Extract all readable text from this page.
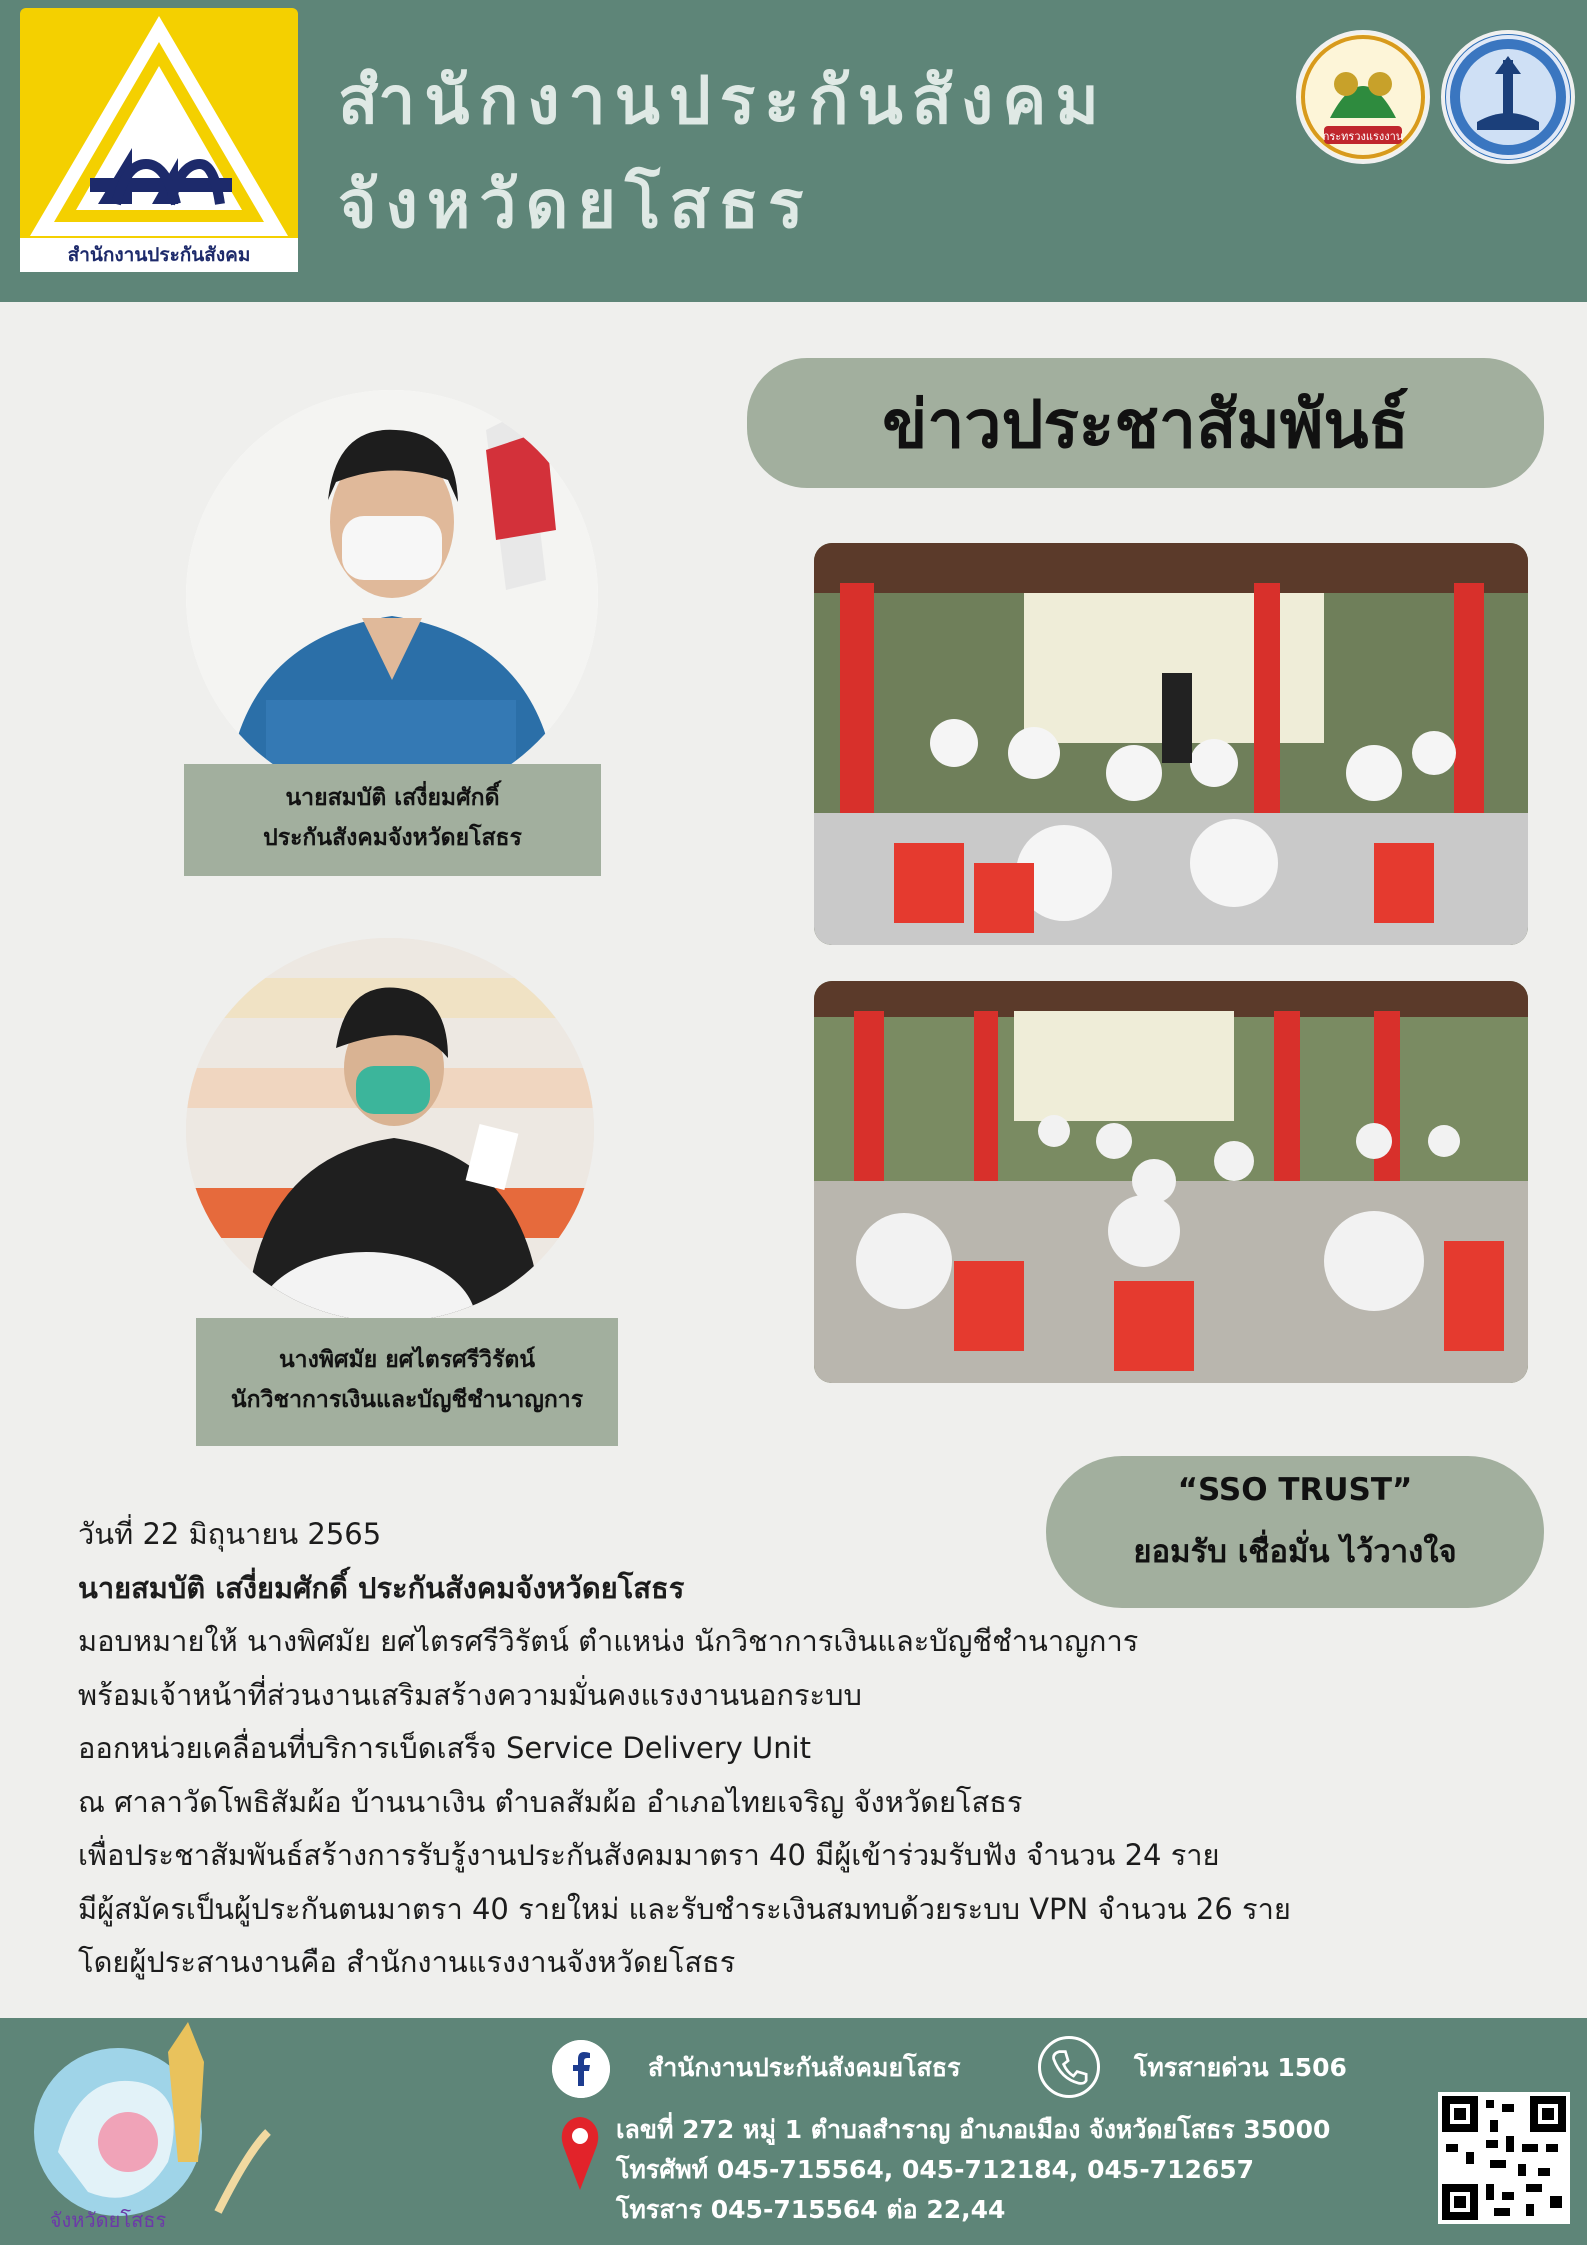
สำนักงานประกันสังคม
สำนักงานประกันสังคม
จังหวัดยโสธร
กระทรวงแรงงาน
ข่าวประชาสัมพันธ์
นายสมบัติ เสงี่ยมศักดิ์
ประกันสังคมจังหวัดยโสธร
นางพิศมัย ยศไตรศรีวิรัตน์
นักวิชาการเงินและบัญชีชำนาญการ
“SSO TRUST”
ยอมรับ เชื่อมั่น ไว้วางใจ
วันที่ 22 มิถุนายน 2565
นายสมบัติ เสงี่ยมศักดิ์ ประกันสังคมจังหวัดยโสธร
มอบหมายให้ นางพิศมัย ยศไตรศรีวิรัตน์ ตำแหน่ง นักวิชาการเงินและบัญชีชำนาญการ
พร้อมเจ้าหน้าที่ส่วนงานเสริมสร้างความมั่นคงแรงงานนอกระบบ
ออกหน่วยเคลื่อนที่บริการเบ็ดเสร็จ Service Delivery Unit
ณ ศาลาวัดโพธิสัมผ้อ บ้านนาเงิน ตำบลสัมผ้อ อำเภอไทยเจริญ จังหวัดยโสธร
เพื่อประชาสัมพันธ์สร้างการรับรู้งานประกันสังคมมาตรา 40 มีผู้เข้าร่วมรับฟัง จำนวน 24 ราย
มีผู้สมัครเป็นผู้ประกันตนมาตรา 40 รายใหม่ และรับชำระเงินสมทบด้วยระบบ VPN จำนวน 26 ราย
โดยผู้ประสานงานคือ สำนักงานแรงงานจังหวัดยโสธร
จังหวัดยโสธร
สำนักงานประกันสังคมยโสธร	โทรสายด่วน 1506
เลขที่ 272 หมู่ 1 ตำบลสำราญ อำเภอเมือง จังหวัดยโสธร 35000
โทรศัพท์ 045-715564, 045-712184, 045-712657
โทรสาร 045-715564 ต่อ 22,44
